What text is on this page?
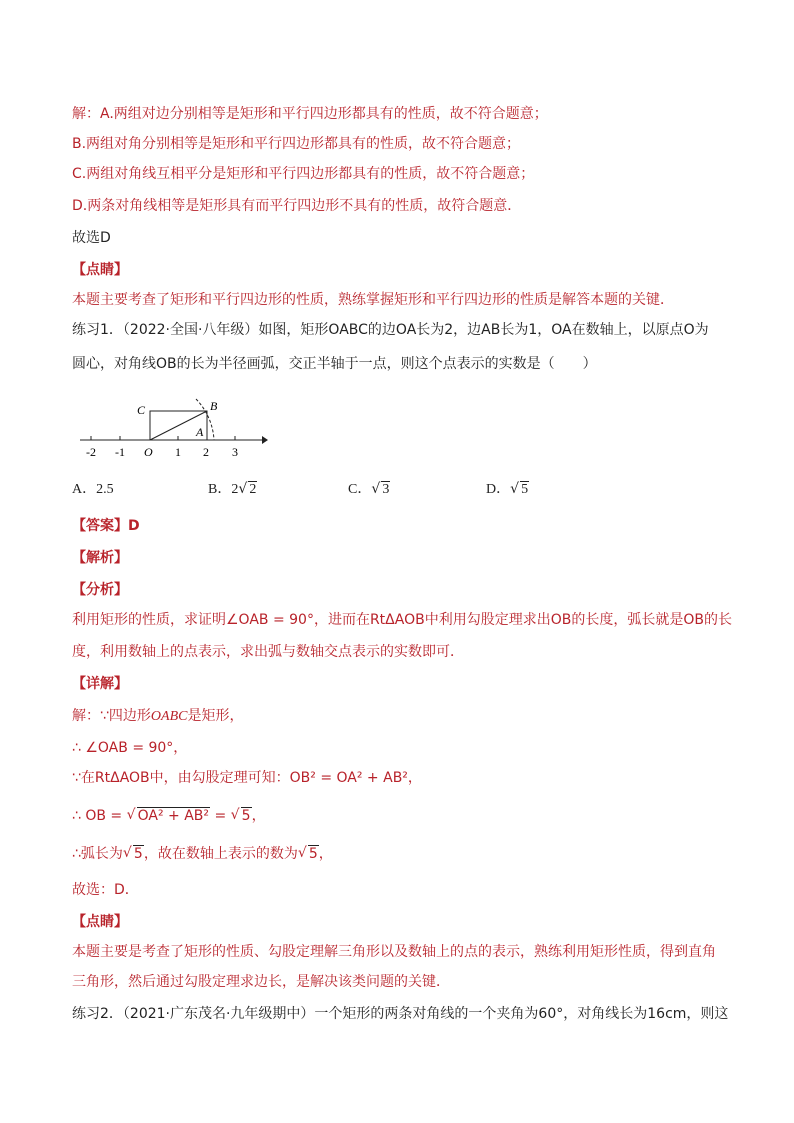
解：A.两组对边分别相等是矩形和平行四边形都具有的性质，故不符合题意；
B.两组对角分别相等是矩形和平行四边形都具有的性质，故不符合题意；
C.两组对角线互相平分是矩形和平行四边形都具有的性质，故不符合题意；
D.两条对角线相等是矩形具有而平行四边形不具有的性质，故符合题意．
故选D
【点睛】
本题主要考查了矩形和平行四边形的性质，熟练掌握矩形和平行四边形的性质是解答本题的关键．
练习1．（2022·全国·八年级）如图，矩形OABC的边OA长为2，边AB长为1，OA在数轴上，以原点O为
圆心，对角线OB的长为半径画弧，交正半轴于一点，则这个点表示的实数是（　　）
-2 -1 O 1 2 3
A
B
C
A．2.5	B．2 √ 2	C． √ 3	D． √ 5
【答案】D
【解析】
【分析】
利用矩形的性质，求证明∠OAB = 90°，进而在RtΔAOB中利用勾股定理求出OB的长度，弧长就是OB的长
度，利用数轴上的点表示，求出弧与数轴交点表示的实数即可．
【详解】
解：∵四边形OABC是矩形，
∴ ∠OAB = 90°，
∵在RtΔAOB中，由勾股定理可知：OB² = OA² + AB²，
∴ OB = √ OA² + AB² = √ 5，
∴弧长为 √ 5，故在数轴上表示的数为 √ 5，
故选：D．
【点睛】
本题主要是考查了矩形的性质、勾股定理解三角形以及数轴上的点的表示，熟练利用矩形性质，得到直角
三角形，然后通过勾股定理求边长，是解决该类问题的关键．
练习2．（2021·广东茂名·九年级期中）一个矩形的两条对角线的一个夹角为60°，对角线长为16cm，则这
